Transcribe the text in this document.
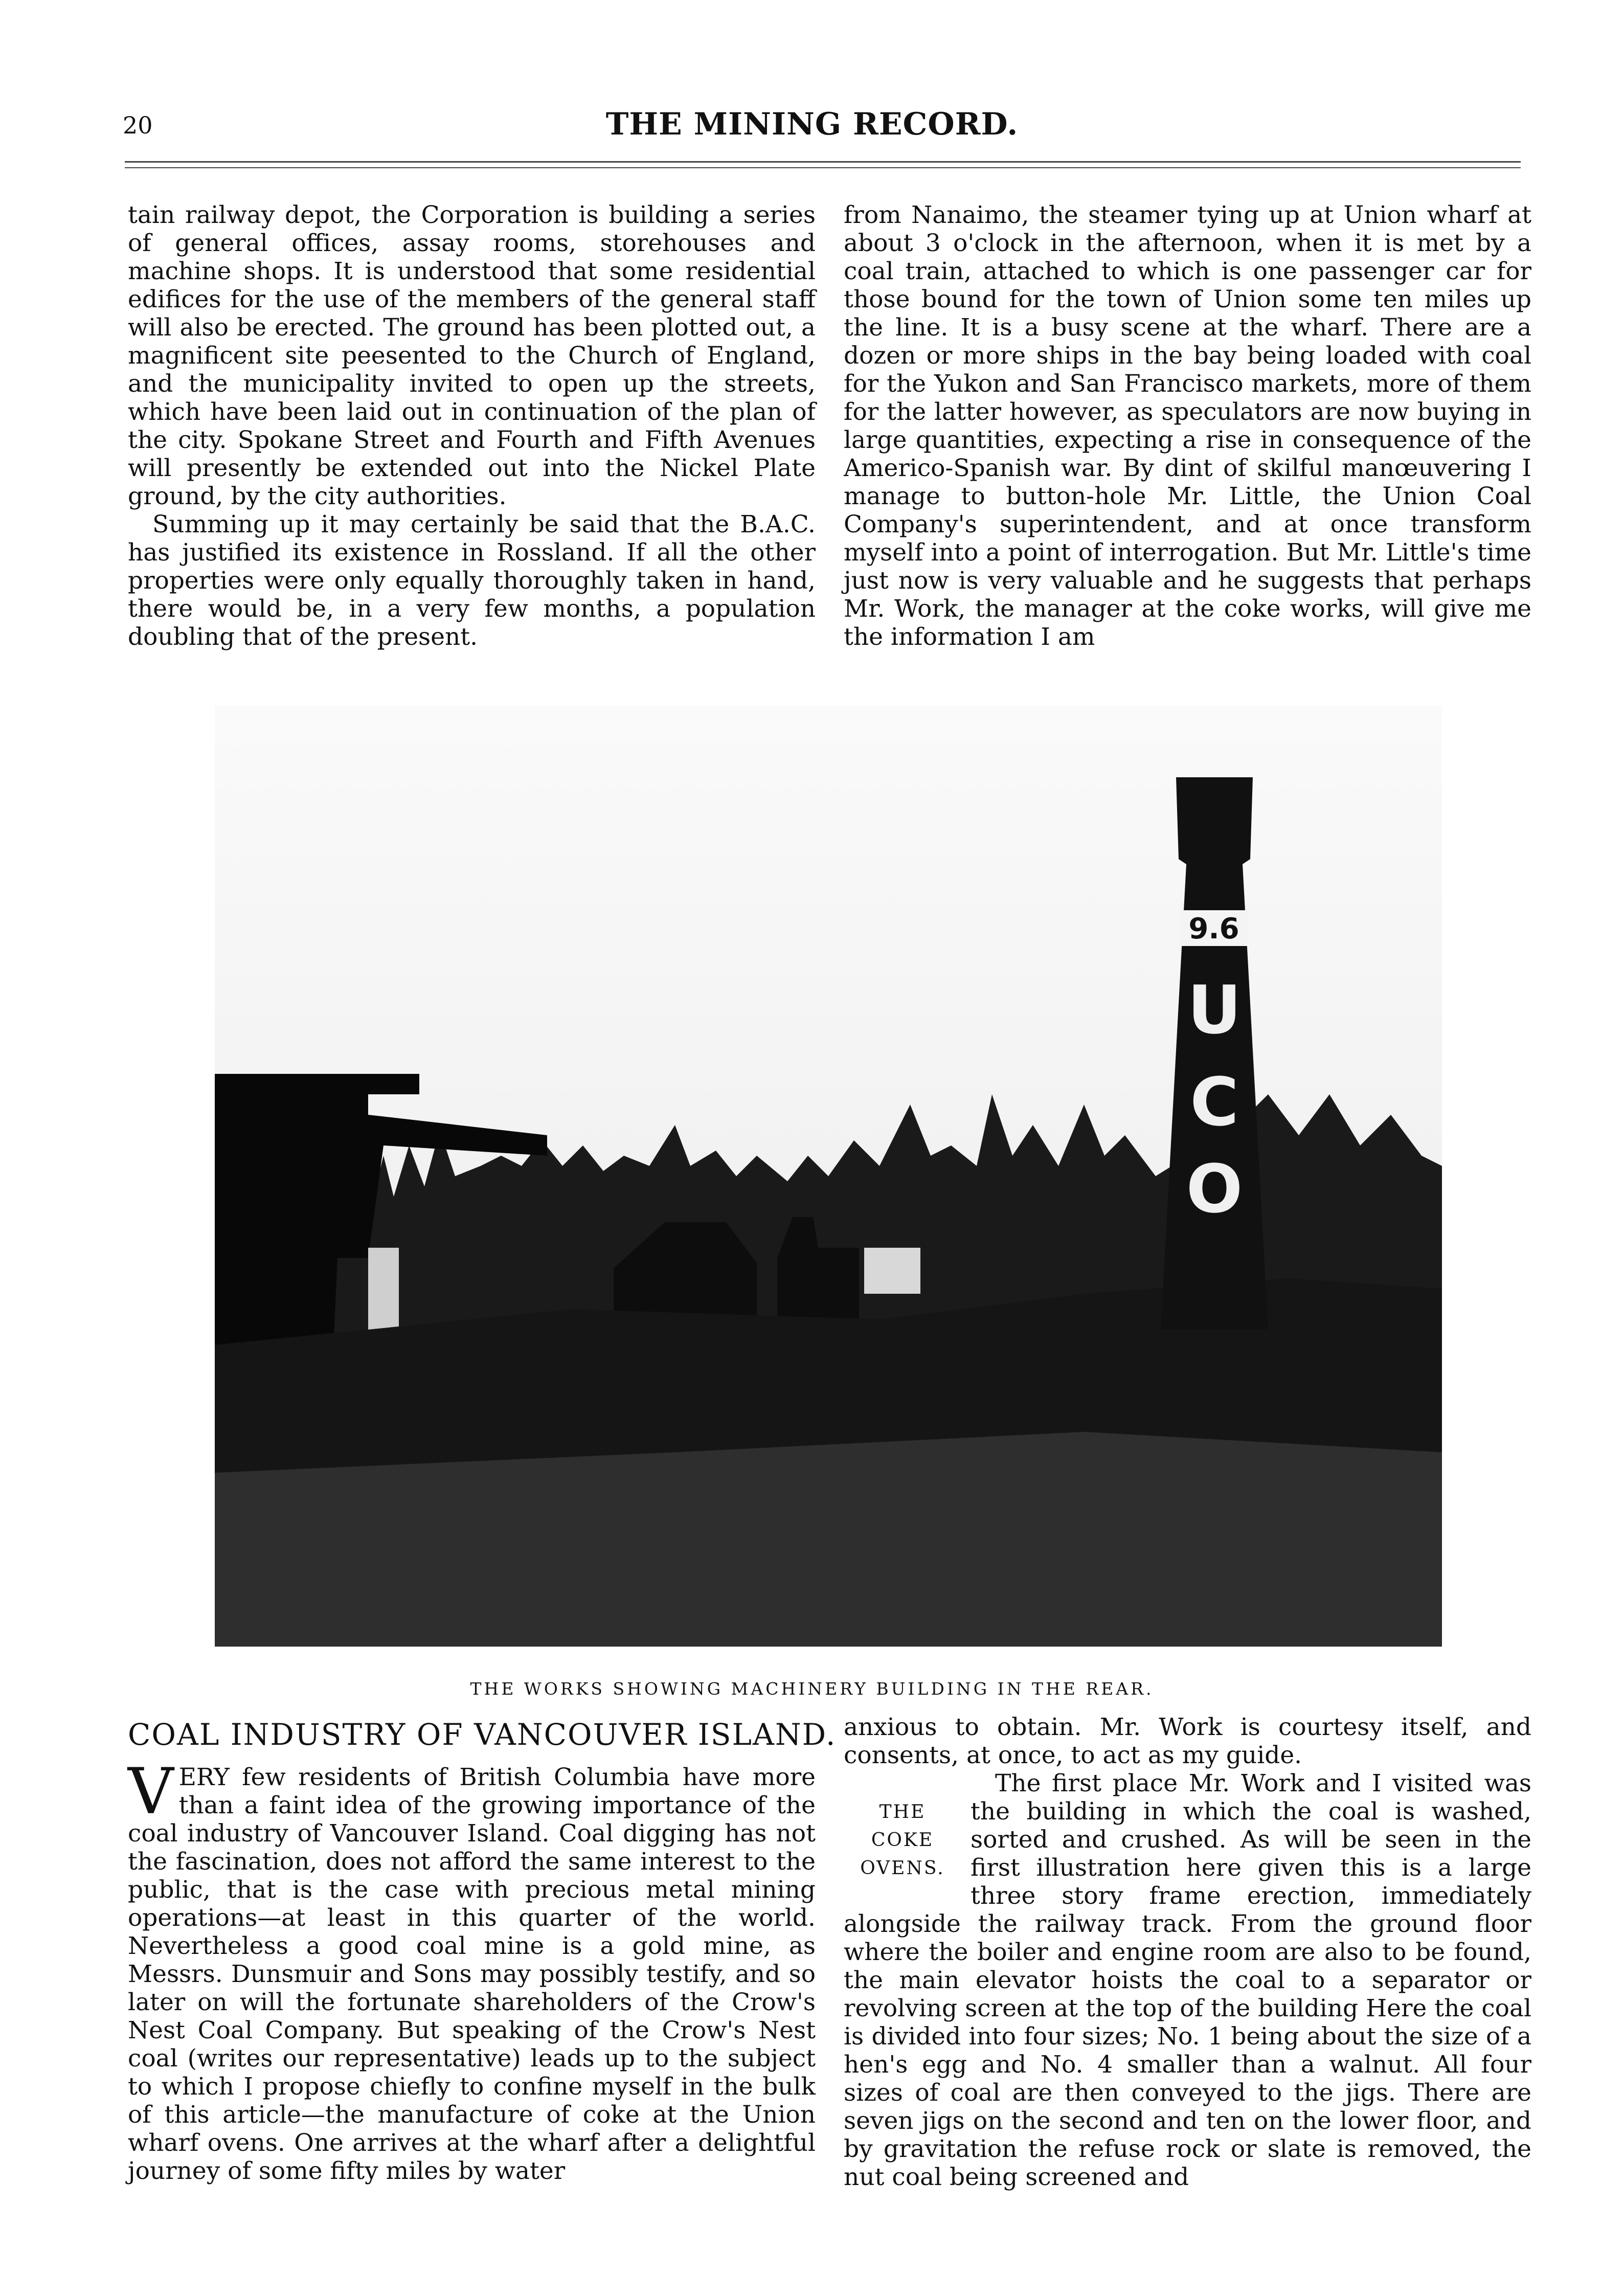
20	THE MINING RECORD.

tain railway depot, the Corporation is building a series of general offices, assay rooms, storehouses and machine shops. It is understood that some residential edifices for the use of the members of the general staff will also be erected. The ground has been plotted out, a magnificent site peesented to the Church of England, and the municipality invited to open up the streets, which have been laid out in continuation of the plan of the city. Spokane Street and Fourth and Fifth Avenues will presently be extended out into the Nickel Plate ground, by the city authorities.

Summing up it may certainly be said that the B.A.C. has justified its existence in Rossland. If all the other properties were only equally thoroughly taken in hand, there would be, in a very few months, a population doubling that of the present.

from Nanaimo, the steamer tying up at Union wharf at about 3 o'clock in the afternoon, when it is met by a coal train, attached to which is one passenger car for those bound for the town of Union some ten miles up the line. It is a busy scene at the wharf. There are a dozen or more ships in the bay being loaded with coal for the Yukon and San Francisco markets, more of them for the latter however, as speculators are now buying in large quantities, expecting a rise in consequence of the Americo-Spanish war. By dint of skilful manœuvering I manage to button-hole Mr. Little, the Union Coal Company's superintendent, and at once transform myself into a point of interrogation. But Mr. Little's time just now is very valuable and he suggests that perhaps Mr. Work, the manager at the coke works, will give me the information I am

9.6
U
C
O
THE WORKS SHOWING MACHINERY BUILDING IN THE REAR.
COAL INDUSTRY OF VANCOUVER ISLAND.

V ERY few residents of British Columbia have more than a faint idea of the growing importance of the coal industry of Vancouver Island. Coal digging has not the fascination, does not afford the same interest to the public, that is the case with precious metal mining operations—at least in this quarter of the world. Nevertheless a good coal mine is a gold mine, as Messrs. Dunsmuir and Sons may possibly testify, and so later on will the fortunate shareholders of the Crow's Nest Coal Company. But speaking of the Crow's Nest coal (writes our representative) leads up to the subject to which I propose chiefly to confine myself in the bulk of this article—the manufacture of coke at the Union wharf ovens. One arrives at the wharf after a delightful journey of some fifty miles by water

anxious to obtain. Mr. Work is courtesy itself, and consents, at once, to act as my guide.

THE
COKE
OVENS.

The first place Mr. Work and I visited was the building in which the coal is washed, sorted and crushed. As will be seen in the first illustration here given this is a large three story frame erection, immediately alongside the railway track. From the ground floor where the boiler and engine room are also to be found, the main elevator hoists the coal to a separator or revolving screen at the top of the building Here the coal is divided into four sizes; No. 1 being about the size of a hen's egg and No. 4 smaller than a walnut. All four sizes of coal are then conveyed to the jigs. There are seven jigs on the second and ten on the lower floor, and by gravitation the refuse rock or slate is removed, the nut coal being screened and
